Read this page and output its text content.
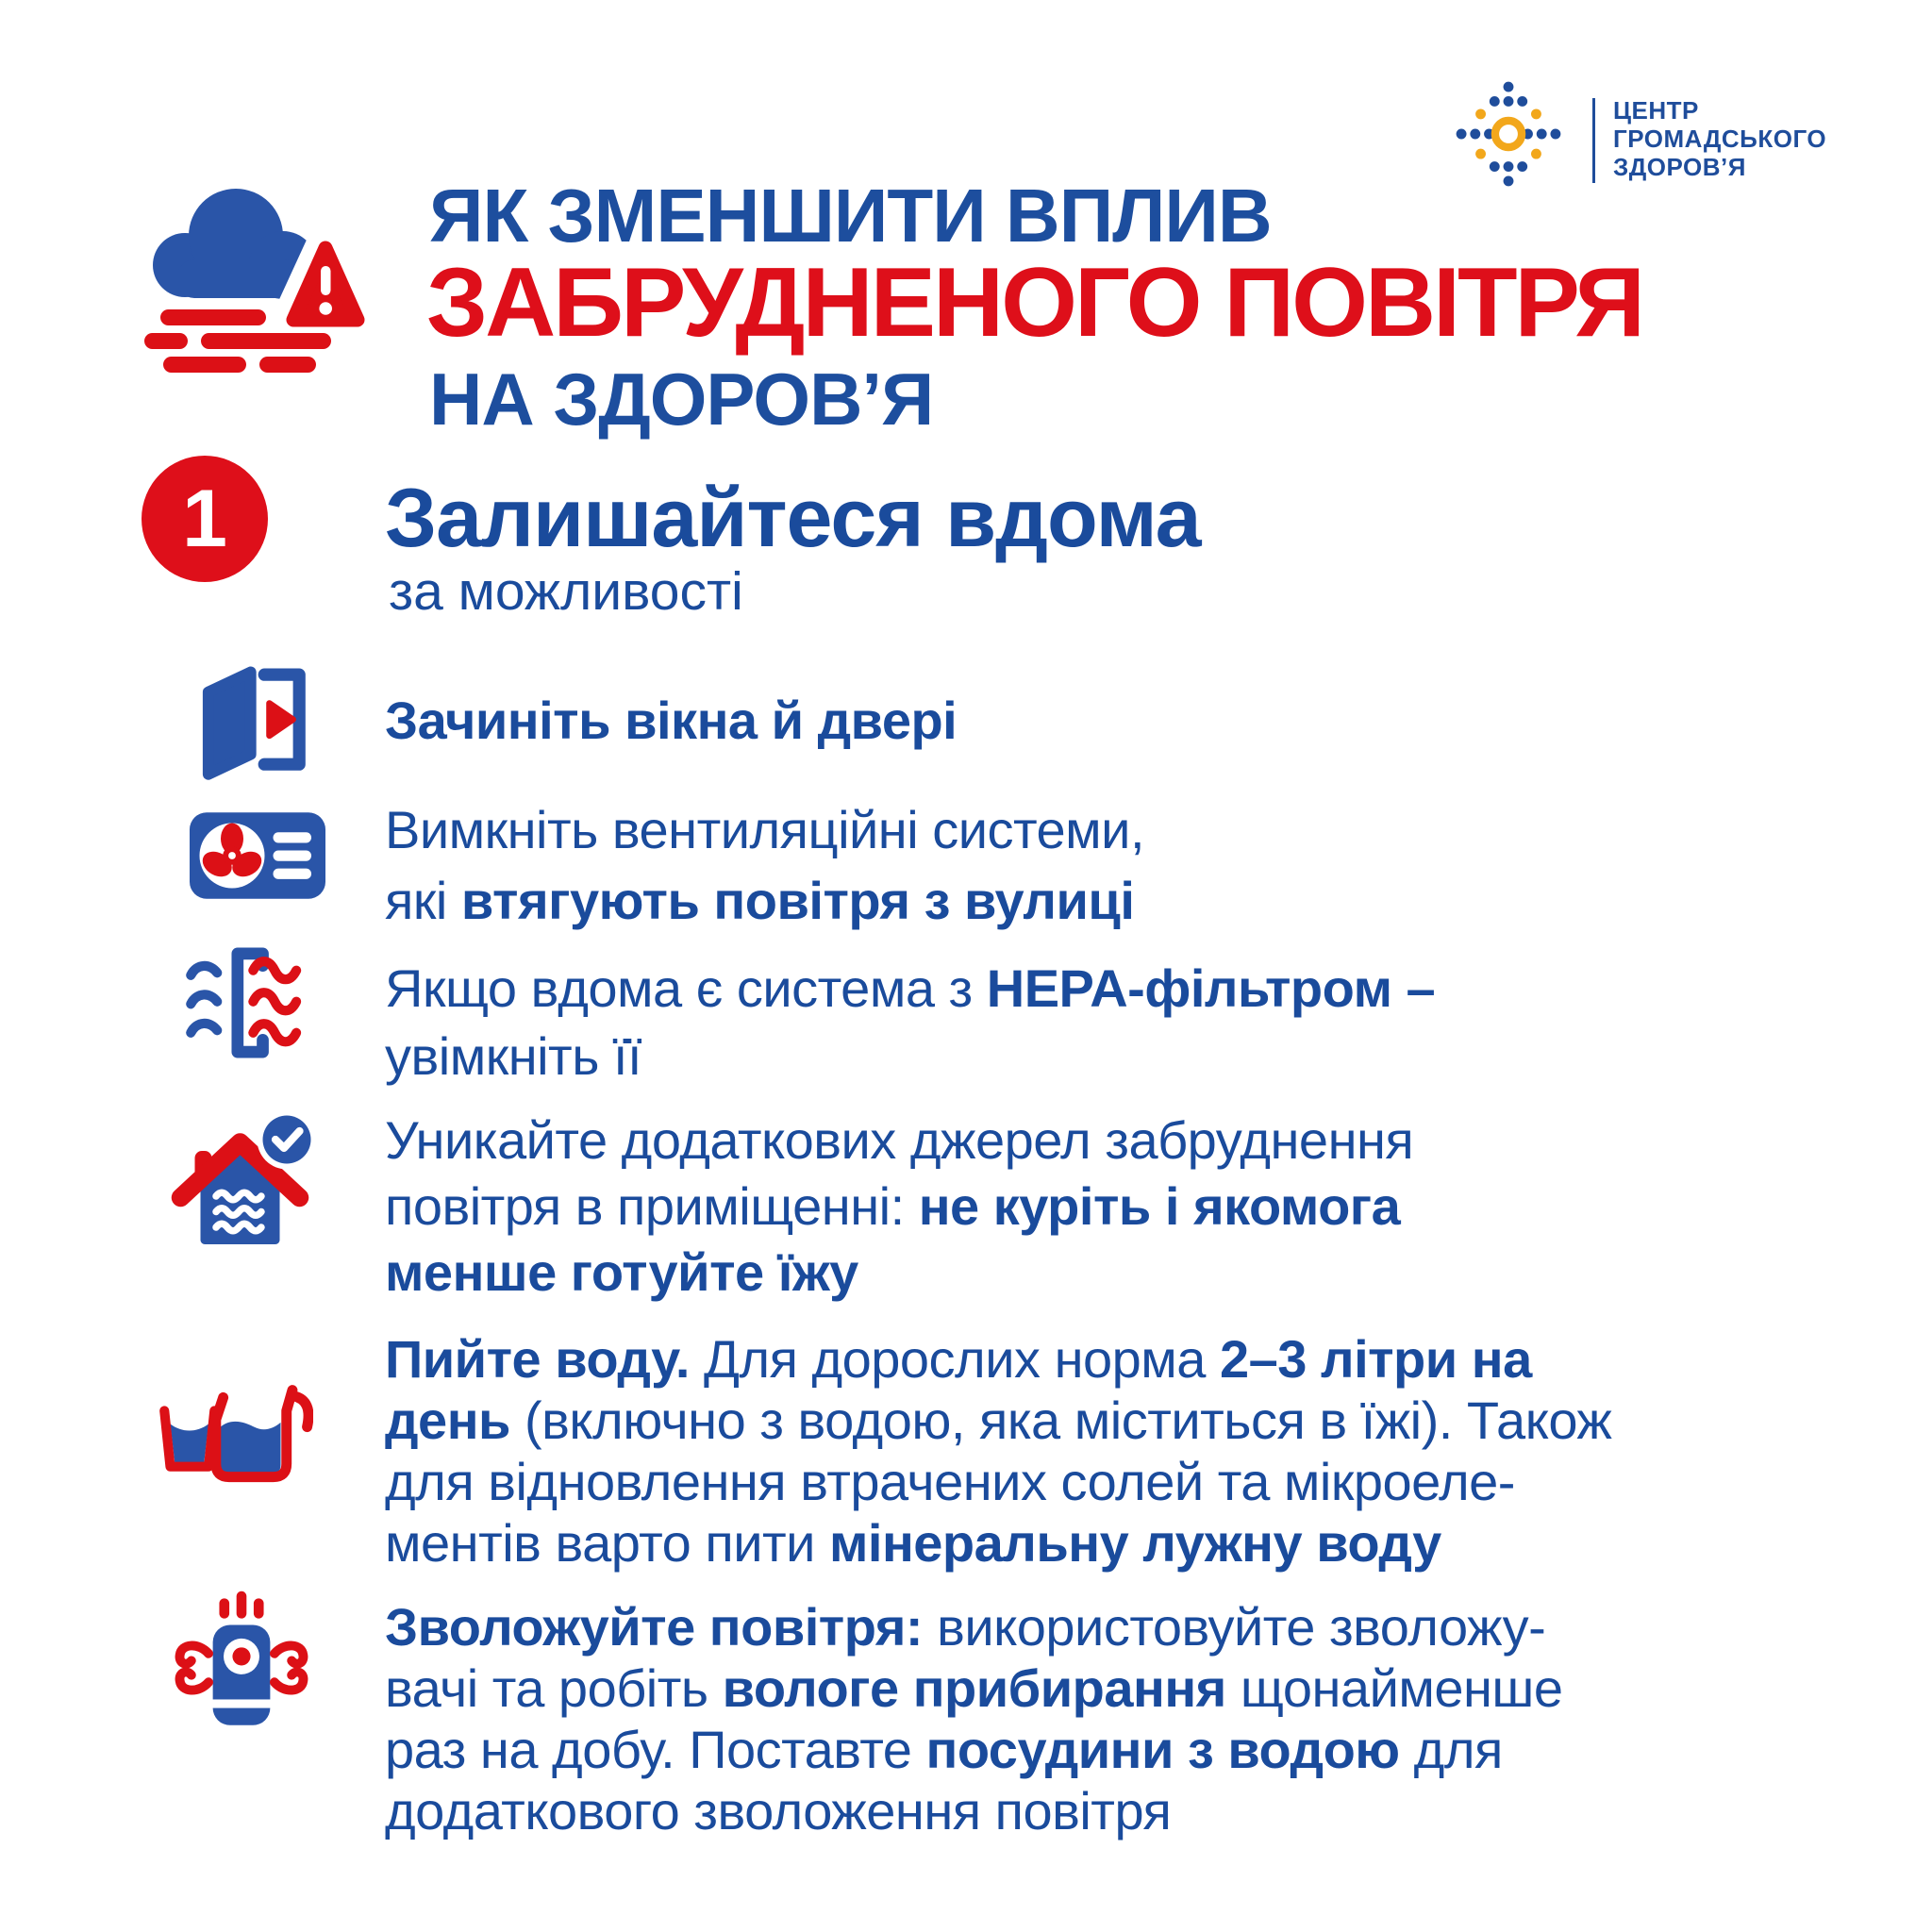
ЦЕНТР
ГРОМАДСЬКОГО
ЗДОРОВ’Я
ЯК ЗМЕНШИТИ ВПЛИВ
ЗАБРУДНЕНОГО ПОВІТРЯ
НА ЗДОРОВ’Я
1	Залишайтеся вдома
за можливості
Зачиніть вікна й двері
Вимкніть вентиляційні системи,
які втягують повітря з вулиці
Якщо вдома є система з HEPA-фільтром –
увімкніть її
Уникайте додаткових джерел забруднення
повітря в приміщенні: не куріть і якомога
менше готуйте їжу
Пийте воду. Для дорослих норма 2–3 літри на
день (включно з водою, яка міститься в їжі). Також
для відновлення втрачених солей та мікроеле-
ментів варто пити мінеральну лужну воду
Зволожуйте повітря: використовуйте зволожу-
вачі та робіть вологе прибирання щонайменше
раз на добу. Поставте посудини з водою для
додаткового зволоження повітря
